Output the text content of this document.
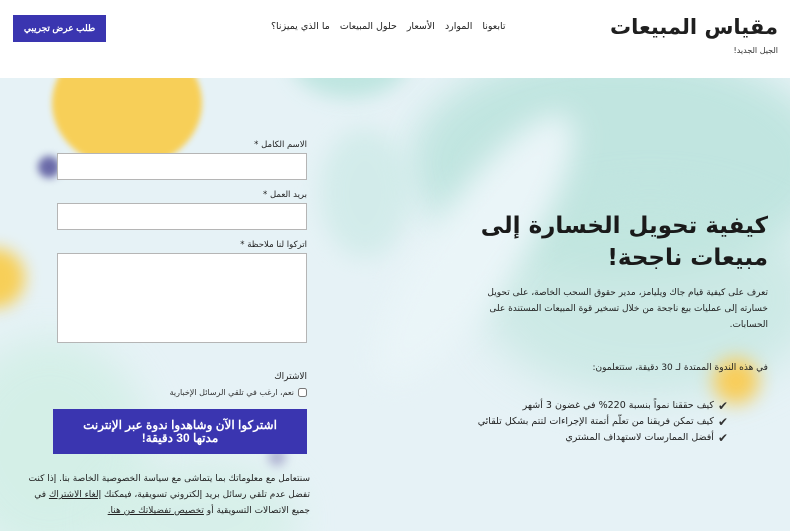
مقياس المبيعات
الجيل الجديد!
ما الذي يميزنا؟ حلول المبيعات الأسعار الموارد تابعونا
طلب عرض تجريبي
كيفية تحويل الخسارة إلى مبيعات ناجحة!

تعرف على كيفية قيام جاك ويليامز، مدير حقوق السحب الخاصة، على تحويل خسارته إلى عمليات بيع ناجحة من خلال تسخير قوة المبيعات المستندة على الحسابات.

في هذه الندوة الممتدة لـ 30 دقيقة، ستتعلمون:

✔
كيف حققنا نمواً بنسبة 220% في غضون 3 أشهر
✔
كيف تمكن فريقنا من تعلّم أتمتة الإجراءات لتتم بشكل تلقائي
✔
أفضل الممارسات لاستهداف المشتري
الاسم الكامل *
بريد العمل *
اتركوا لنا ملاحظة *
الاشتراك
نعم، ارغب في تلقي الرسائل الإخبارية
اشتركوا الآن وشاهدوا ندوة عبر الإنترنت مدتها 30 دقيقة!

سنتعامل مع معلوماتك بما يتماشى مع سياسة الخصوصية الخاصة بنا. إذا كنت تفضل عدم تلقي رسائل بريد إلكتروني تسويقية، فيمكنك إلغاء الاشتراك في جميع الاتصالات التسويقية أو تخصيص تفضيلاتك من هنا.
